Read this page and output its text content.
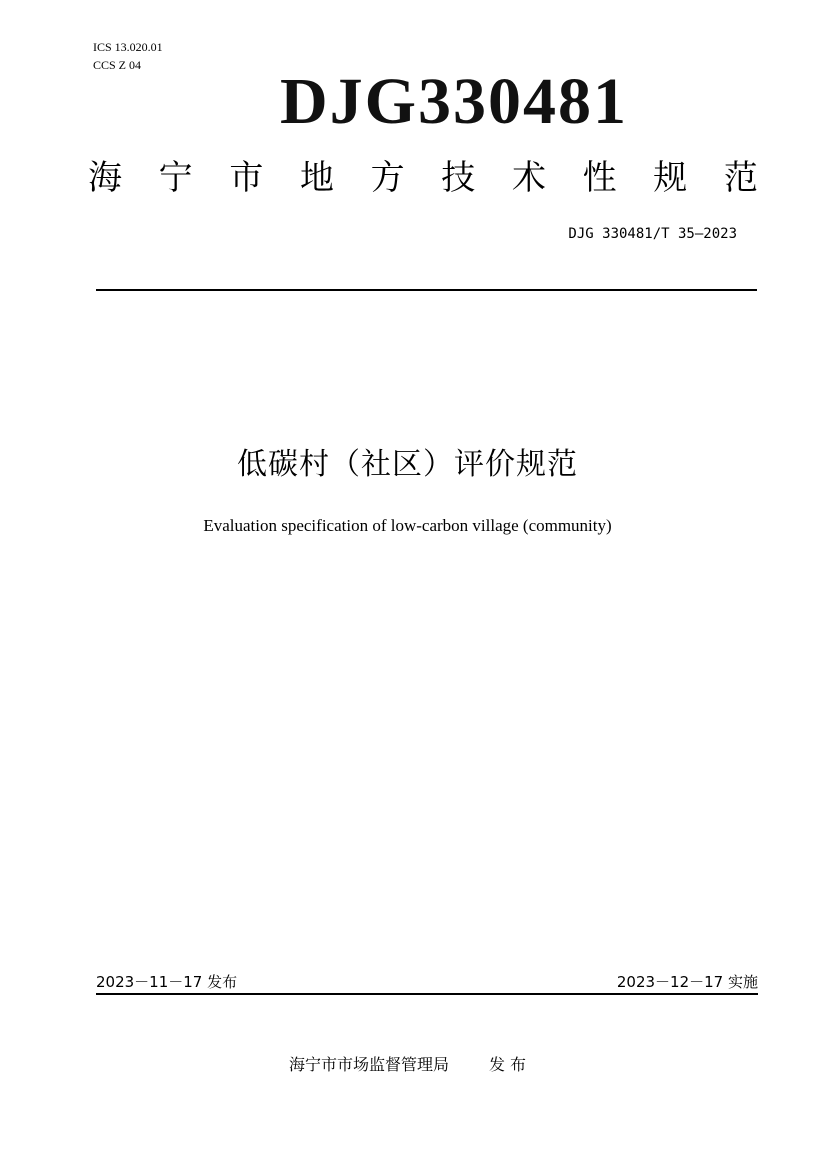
ICS 13.020.01
CCS Z 04 DJG330481
海 宁 市 地 方 技 术 性 规 范
DJG 330481/T 35—2023
低碳村（社区）评价规范
Evaluation specification of low-carbon village (community)
2023－11－17 发布	2023－12－17 实施
海宁市市场监督管理局	发 布
